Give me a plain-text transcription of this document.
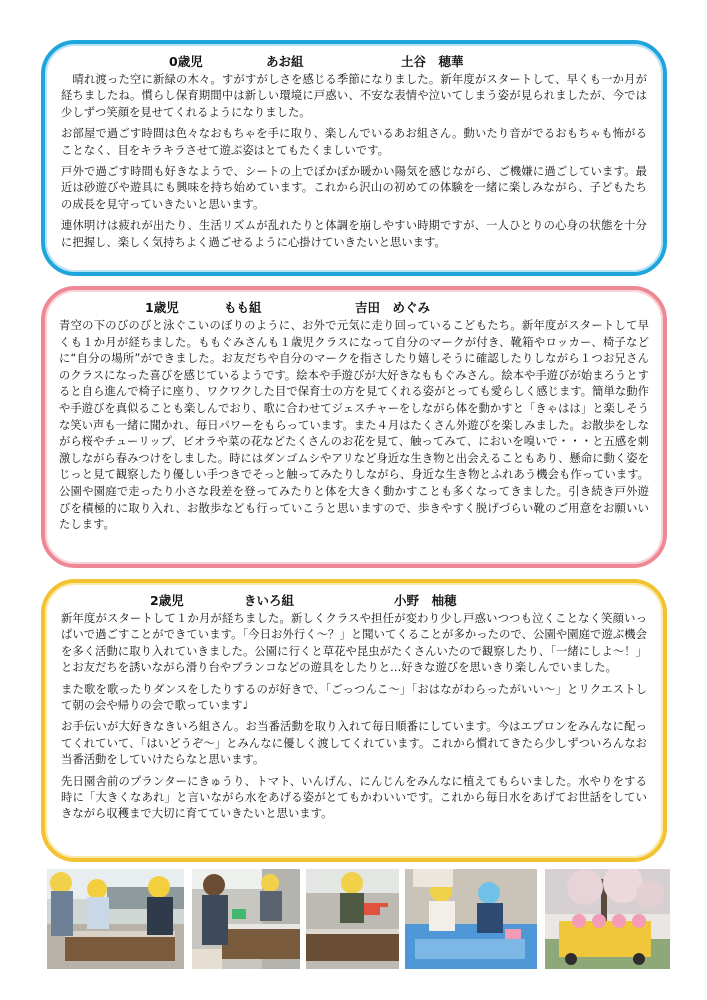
0歳児	あお組	土谷　穂華

　晴れ渡った空に新緑の木々。すがすがしさを感じる季節になりました。新年度がスタートして、早くも一か月が経ちましたね。慣らし保育期間中は新しい環境に戸惑い、不安な表情や泣いてしまう姿が見られましたが、今では少しずつ笑顔を見せてくれるようになりました。

お部屋で過ごす時間は色々なおもちゃを手に取り、楽しんでいるあお組さん。動いたり音がでるおもちゃも怖がることなく、目をキラキラさせて遊ぶ姿はとてもたくましいです。

戸外で過ごす時間も好きなようで、シートの上でぽかぽか暖かい陽気を感じながら、ご機嫌に過ごしています。最近は砂遊びや遊具にも興味を持ち始めています。これから沢山の初めての体験を一緒に楽しみながら、子どもたちの成長を見守っていきたいと思います。

連休明けは疲れが出たり、生活リズムが乱れたりと体調を崩しやすい時期ですが、一人ひとりの心身の状態を十分に把握し、楽しく気持ちよく過ごせるように心掛けていきたいと思います。

1歳児	もも組	吉田　めぐみ

青空の下のびのびと泳ぐこいのぼりのように、お外で元気に走り回っているこどもたち。新年度がスタートして早くも１か月が経ちました。ももぐみさんも１歳児クラスになって自分のマークが付き、靴箱やロッカー、椅子などに“自分の場所”ができました。お友だちや自分のマークを指さしたり嬉しそうに確認したりしながら１つお兄さんのクラスになった喜びを感じているようです。絵本や手遊びが大好きなももぐみさん。絵本や手遊びが始まろうとすると自ら進んで椅子に座り、ワクワクした目で保育士の方を見てくれる姿がとっても愛らしく感じます。簡単な動作や手遊びを真似ることも楽しんでおり、歌に合わせてジェスチャーをしながら体を動かすと「きゃはは」と楽しそうな笑い声も一緒に聞かれ、毎日パワーをもらっています。また４月はたくさん外遊びを楽しみました。お散歩をしながら桜やチューリップ、ビオラや菜の花などたくさんのお花を見て、触ってみて、においを嗅いで・・・と五感を刺激しながら春みつけをしました。時にはダンゴムシやアリなど身近な生き物と出会えることもあり、懸命に動く姿をじっと見て観察したり優しい手つきでそっと触ってみたりしながら、身近な生き物とふれあう機会も作っています。公園や園庭で走ったり小さな段差を登ってみたりと体を大きく動かすことも多くなってきました。引き続き戸外遊びを積極的に取り入れ、お散歩なども行っていこうと思いますので、歩きやすく脱げづらい靴のご用意をお願いいたします。

2歳児	きいろ組	小野　柚穂

新年度がスタートして１か月が経ちました。新しくクラスや担任が変わり少し戸惑いつつも泣くことなく笑顔いっぱいで過ごすことができています。「今日お外行く～？」と聞いてくることが多かったので、公園や園庭で遊ぶ機会を多く活動に取り入れていきました。公園に行くと草花や昆虫がたくさんいたので観察したり、「一緒にしよ～！」とお友だちを誘いながら滑り台やブランコなどの遊具をしたりと…好きな遊びを思いきり楽しんでいました。

また歌を歌ったりダンスをしたりするのが好きで、「ごっつんこ～」「おはながわらったがいい～」とリクエストして朝の会や帰りの会で歌っています♩

お手伝いが大好きなきいろ組さん。お当番活動を取り入れて毎日順番にしています。今はエプロンをみんなに配ってくれていて、「はいどうぞ～」とみんなに優しく渡してくれています。これから慣れてきたら少しずついろんなお当番活動をしていけたらなと思います。

先日園舎前のプランターにきゅうり、トマト、いんげん、にんじんをみんなに植えてもらいました。水やりをする時に「大きくなあれ」と言いながら水をあげる姿がとてもかわいいです。これから毎日水をあげてお世話をしていきながら収穫まで大切に育てていきたいと思います。
